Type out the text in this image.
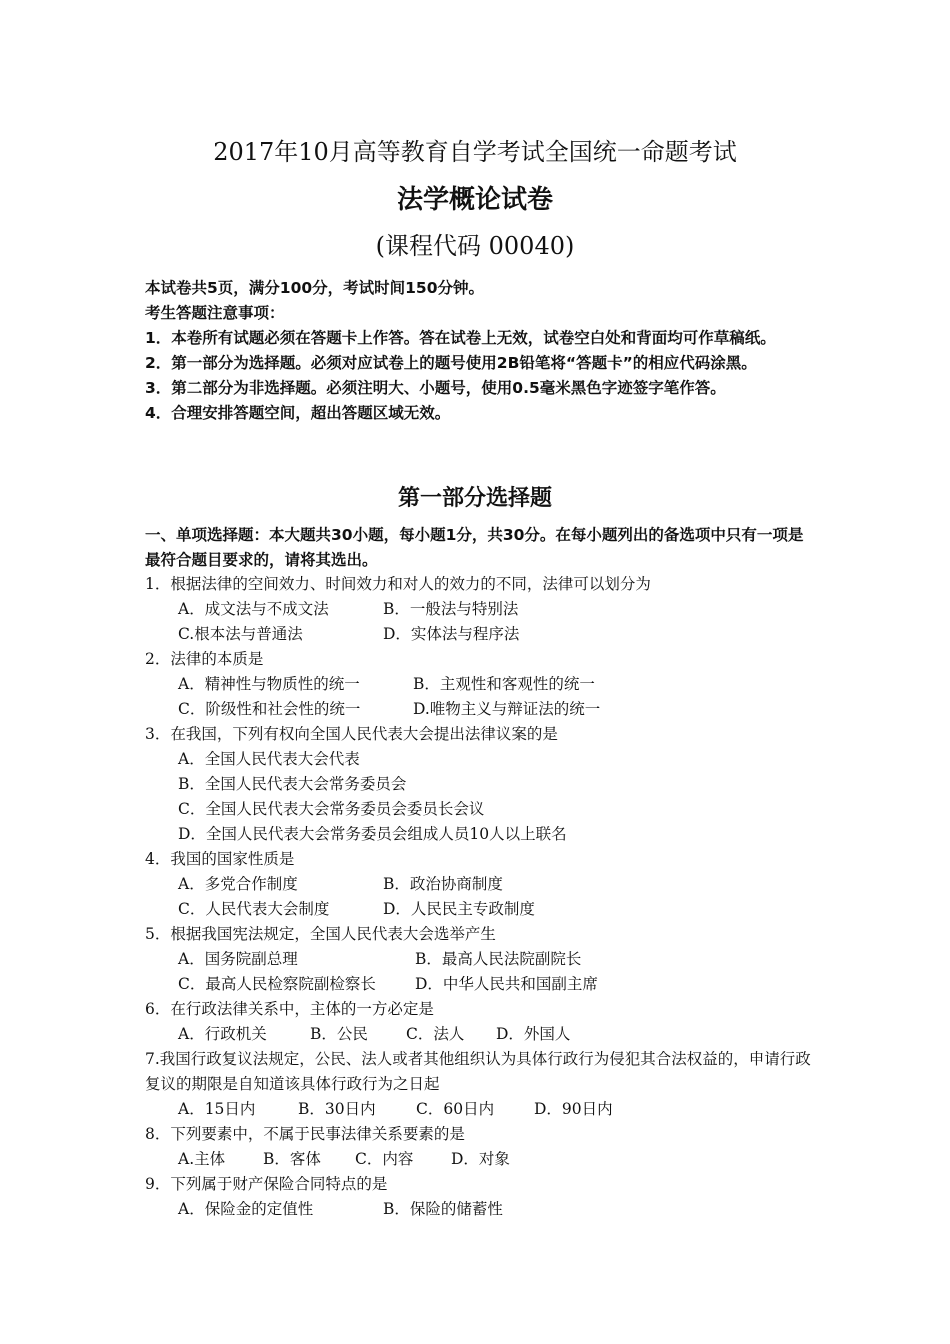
2017年10月高等教育自学考试全国统一命题考试
法学概论试卷
(课程代码 00040)
本试卷共5页，满分100分，考试时间150分钟。
考生答题注意事项：
1．本卷所有试题必须在答题卡上作答。答在试卷上无效，试卷空白处和背面均可作草稿纸。
2．第一部分为选择题。必须对应试卷上的题号使用2B铅笔将“答题卡”的相应代码涂黑。
3．第二部分为非选择题。必须注明大、小题号，使用0.5毫米黑色字迹签字笔作答。
4．合理安排答题空间，超出答题区域无效。
第一部分选择题
一、单项选择题：本大题共30小题，每小题1分，共30分。在每小题列出的备选项中只有一项是最符合题目要求的，请将其选出。
1．根据法律的空间效力、时间效力和对人的效力的不同，法律可以划分为
A．成文法与不成文法	B．一般法与特别法
C.根本法与普通法	D．实体法与程序法
2．法律的本质是
A．精神性与物质性的统一	B．主观性和客观性的统一
C．阶级性和社会性的统一	D.唯物主义与辩证法的统一
3．在我国，下列有权向全国人民代表大会提出法律议案的是
A．全国人民代表大会代表
B．全国人民代表大会常务委员会
C．全国人民代表大会常务委员会委员长会议
D．全国人民代表大会常务委员会组成人员10人以上联名
4．我国的国家性质是
A．多党合作制度	B．政治协商制度
C．人民代表大会制度	D．人民民主专政制度
5．根据我国宪法规定，全国人民代表大会选举产生
A．国务院副总理	B．最高人民法院副院长
C．最高人民检察院副检察长	D．中华人民共和国副主席
6．在行政法律关系中，主体的一方必定是
A．行政机关	B．公民 C．法人 D．外国人
7.我国行政复议法规定，公民、法人或者其他组织认为具体行政行为侵犯其合法权益的，申请行政复议的期限是自知道该具体行政行为之日起
A．15日内	B．30日内	C．60日内	D．90日内
8．下列要素中，不属于民事法律关系要素的是
A.主体 B．客体 C．内容 D．对象
9．下列属于财产保险合同特点的是
A．保险金的定值性	B．保险的储蓄性
